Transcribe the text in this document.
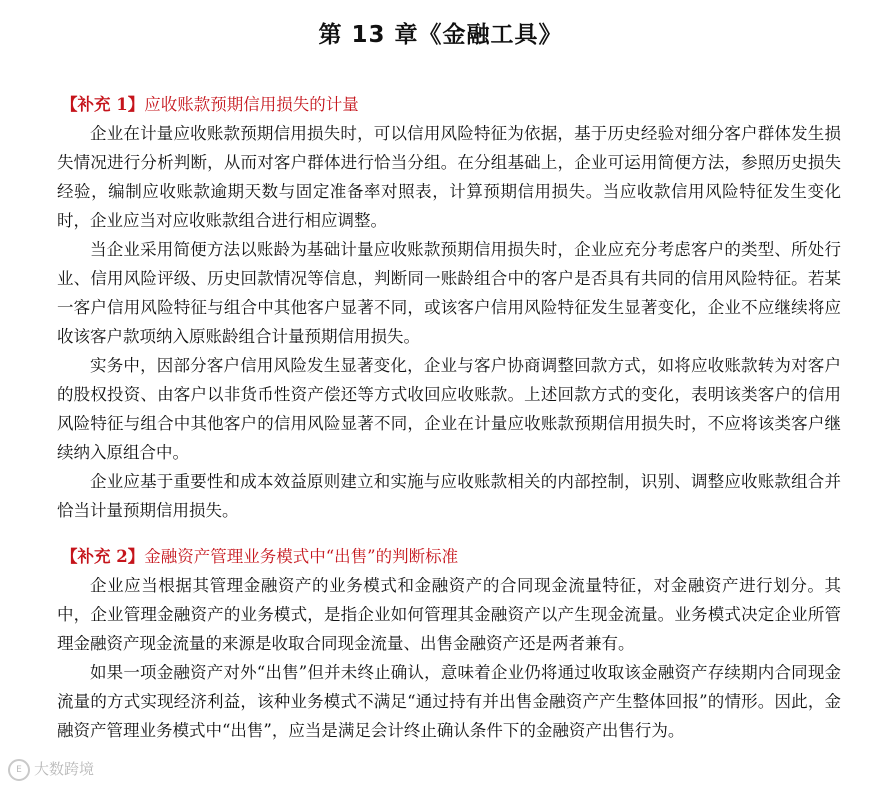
第 13 章《金融工具》
【补充 1】应收账款预期信用损失的计量

企业在计量应收账款预期信用损失时，可以信用风险特征为依据，基于历史经验对细分客户群体发生损失情况进行分析判断，从而对客户群体进行恰当分组。在分组基础上，企业可运用简便方法，参照历史损失经验，编制应收账款逾期天数与固定准备率对照表，计算预期信用损失。当应收款信用风险特征发生变化时，企业应当对应收账款组合进行相应调整。

当企业采用简便方法以账龄为基础计量应收账款预期信用损失时，企业应充分考虑客户的类型、所处行业、信用风险评级、历史回款情况等信息，判断同一账龄组合中的客户是否具有共同的信用风险特征。若某一客户信用风险特征与组合中其他客户显著不同，或该客户信用风险特征发生显著变化，企业不应继续将应收该客户款项纳入原账龄组合计量预期信用损失。

实务中，因部分客户信用风险发生显著变化，企业与客户协商调整回款方式，如将应收账款转为对客户的股权投资、由客户以非货币性资产偿还等方式收回应收账款。上述回款方式的变化，表明该类客户的信用风险特征与组合中其他客户的信用风险显著不同，企业在计量应收账款预期信用损失时，不应将该类客户继续纳入原组合中。

企业应基于重要性和成本效益原则建立和实施与应收账款相关的内部控制，识别、调整应收账款组合并恰当计量预期信用损失。

【补充 2】金融资产管理业务模式中“出售”的判断标准

企业应当根据其管理金融资产的业务模式和金融资产的合同现金流量特征，对金融资产进行划分。其中，企业管理金融资产的业务模式，是指企业如何管理其金融资产以产生现金流量。业务模式决定企业所管理金融资产现金流量的来源是收取合同现金流量、出售金融资产还是两者兼有。

如果一项金融资产对外“出售”但并未终止确认，意味着企业仍将通过收取该金融资产存续期内合同现金流量的方式实现经济利益，该种业务模式不满足“通过持有并出售金融资产产生整体回报”的情形。因此，金融资产管理业务模式中“出售”，应当是满足会计终止确认条件下的金融资产出售行为。

E 大数跨境
